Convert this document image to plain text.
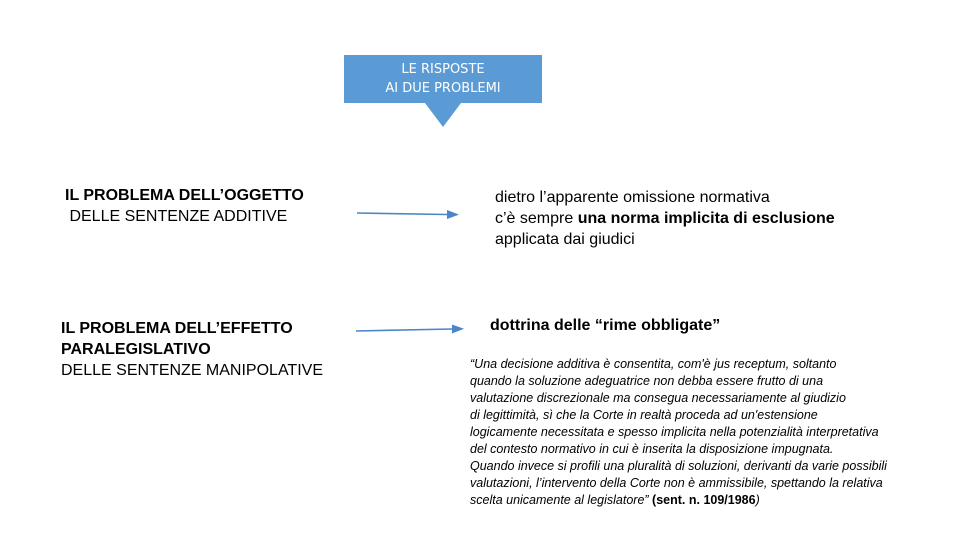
LE RISPOSTE
AI DUE PROBLEMI
IL PROBLEMA DELL’OGGETTO
DELLE SENTENZE ADDITIVE
dietro l’apparente omissione normativa
c’è sempre una norma implicita di esclusione
applicata dai giudici
IL PROBLEMA DELL’EFFETTO
PARALEGISLATIVO
DELLE SENTENZE MANIPOLATIVE
dottrina delle “rime obbligate”
“Una decisione additiva è consentita, com'è jus receptum, soltanto
quando la soluzione adeguatrice non debba essere frutto di una
valutazione discrezionale ma consegua necessariamente al giudizio
di legittimità, sì che la Corte in realtà proceda ad un'estensione
logicamente necessitata e spesso implicita nella potenzialità interpretativa
del contesto normativo in cui è inserita la disposizione impugnata.
Quando invece si profili una pluralità di soluzioni, derivanti da varie possibili
valutazioni, l’intervento della Corte non è ammissibile, spettando la relativa
scelta unicamente al legislatore” (sent. n. 109/1986)
